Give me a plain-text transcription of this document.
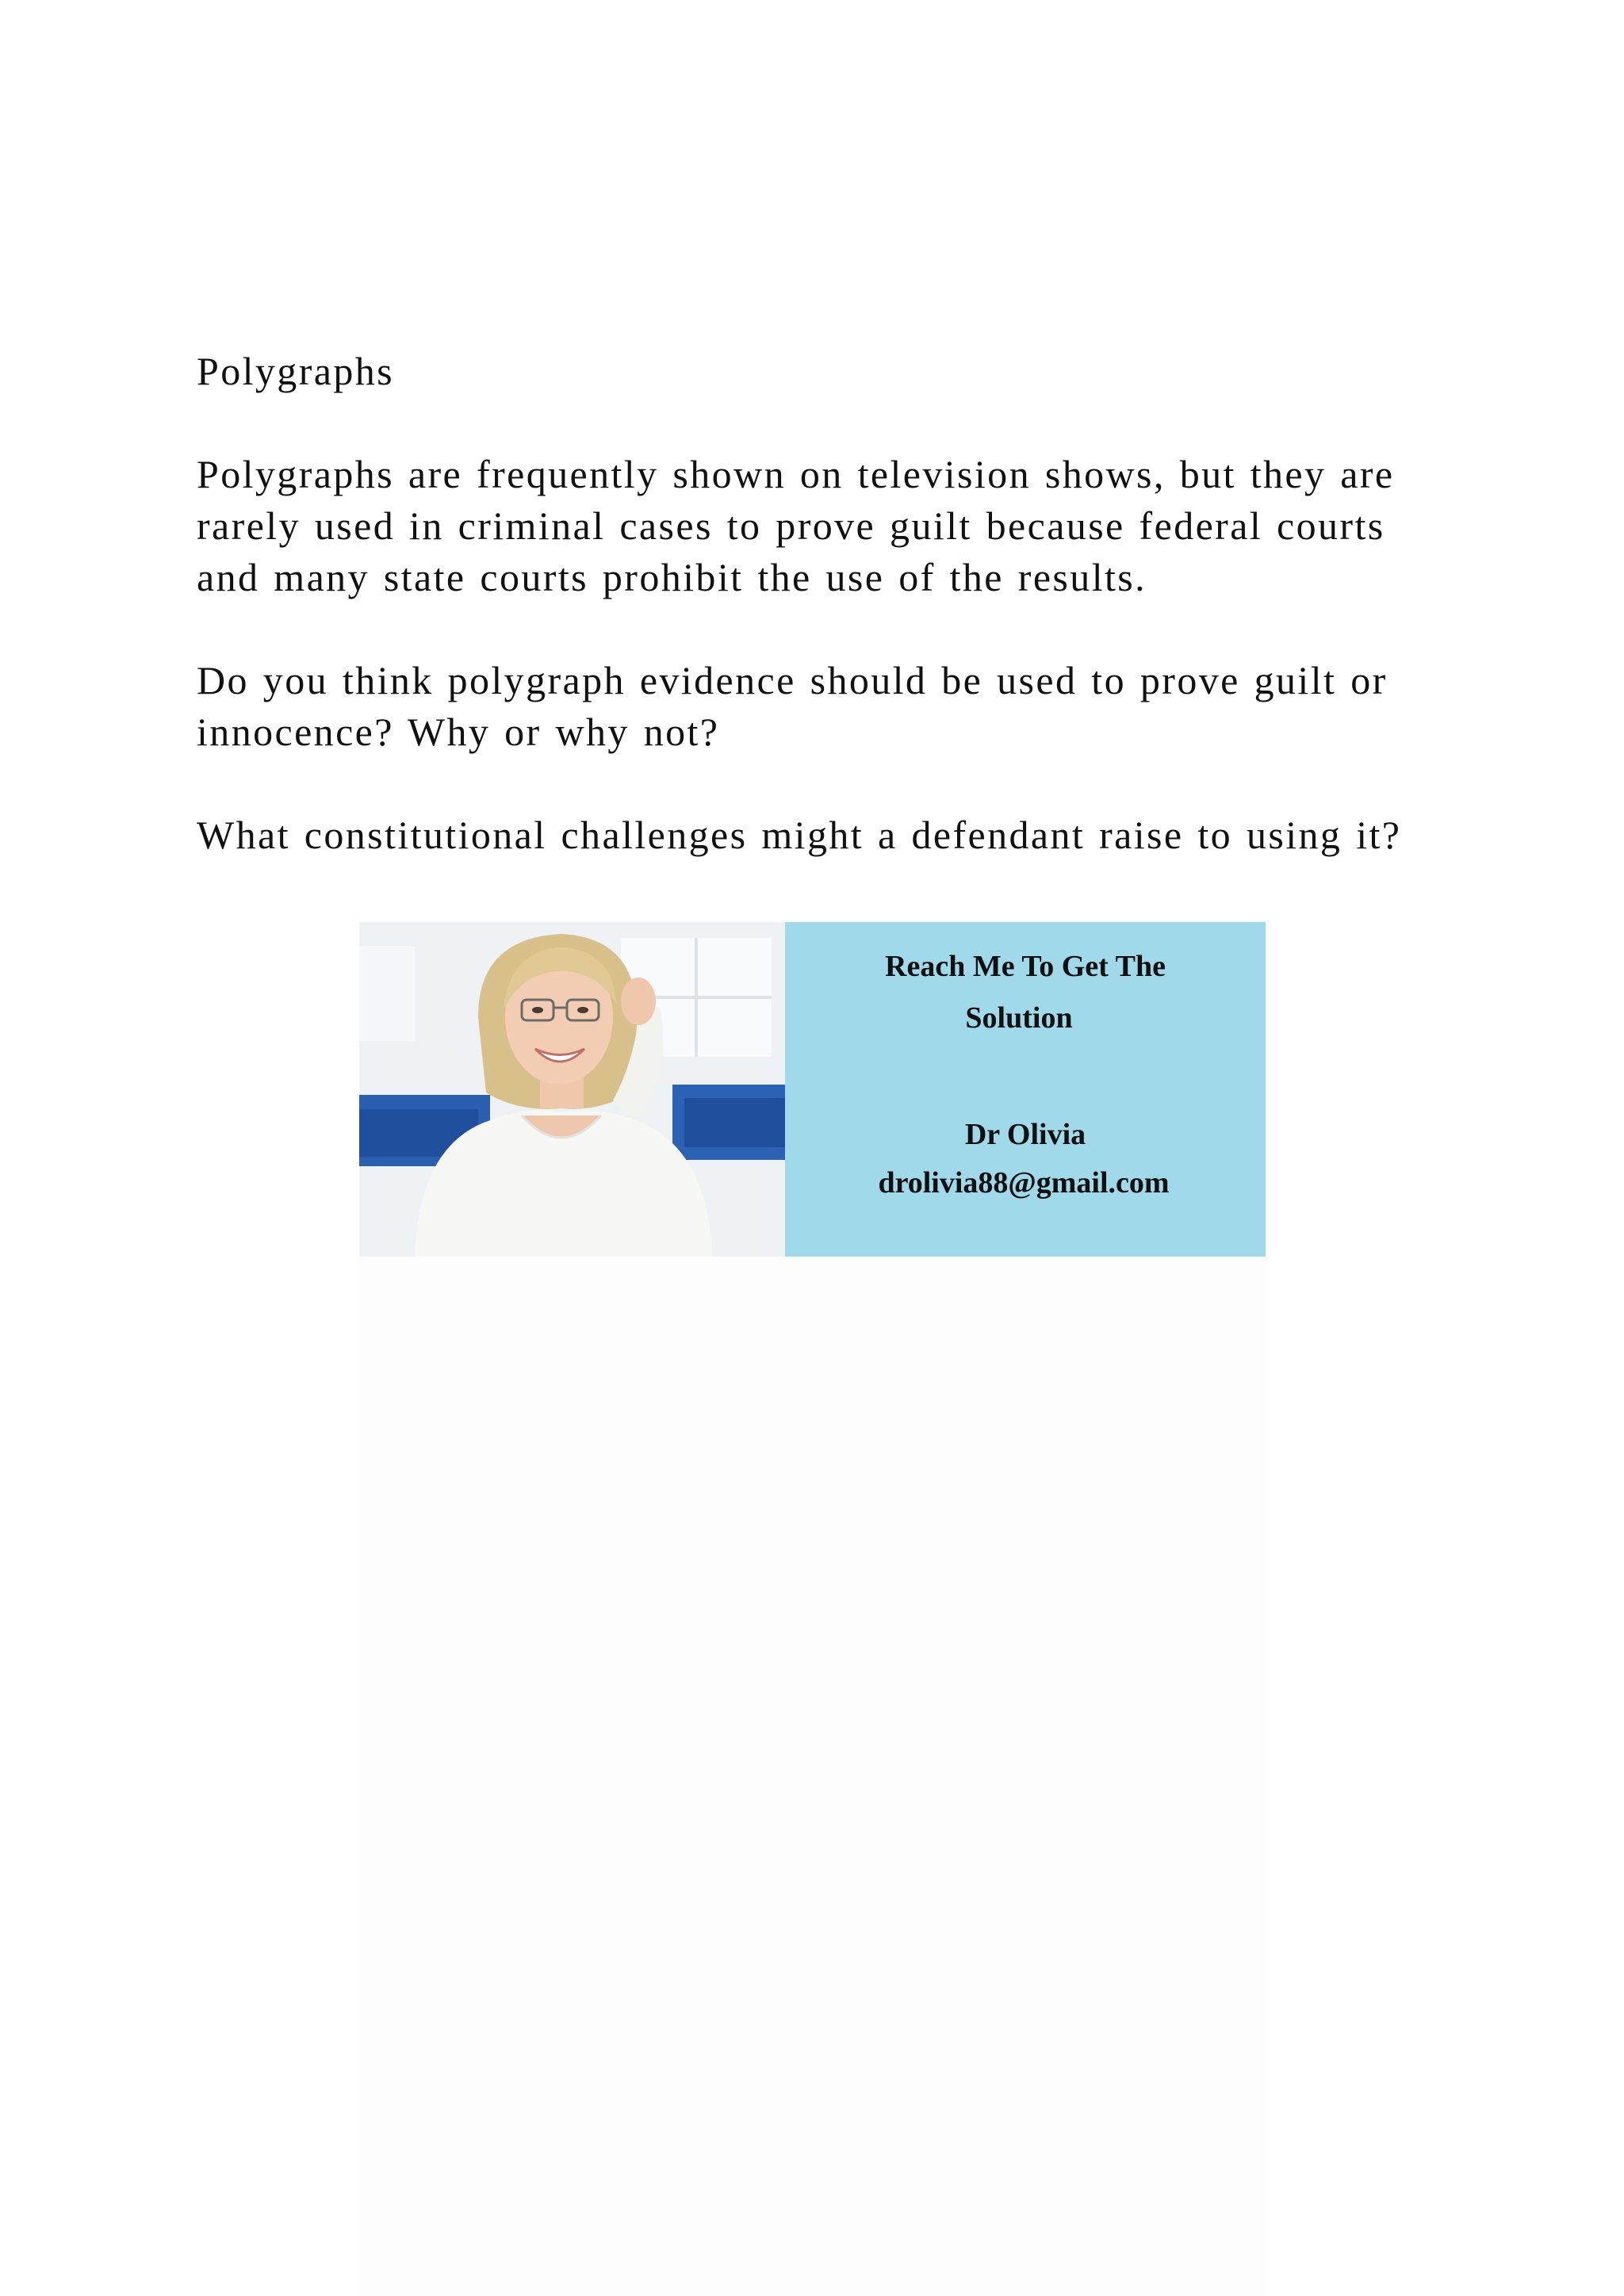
Polygraphs

Polygraphs are frequently shown on television shows, but they are rarely used in criminal cases to prove guilt because federal courts and many state courts prohibit the use of the results.

Do you think polygraph evidence should be used to prove guilt or innocence? Why or why not?

What constitutional challenges might a defendant raise to using it?

Reach Me To Get The
Solution
Dr Olivia
drolivia88@gmail.com
